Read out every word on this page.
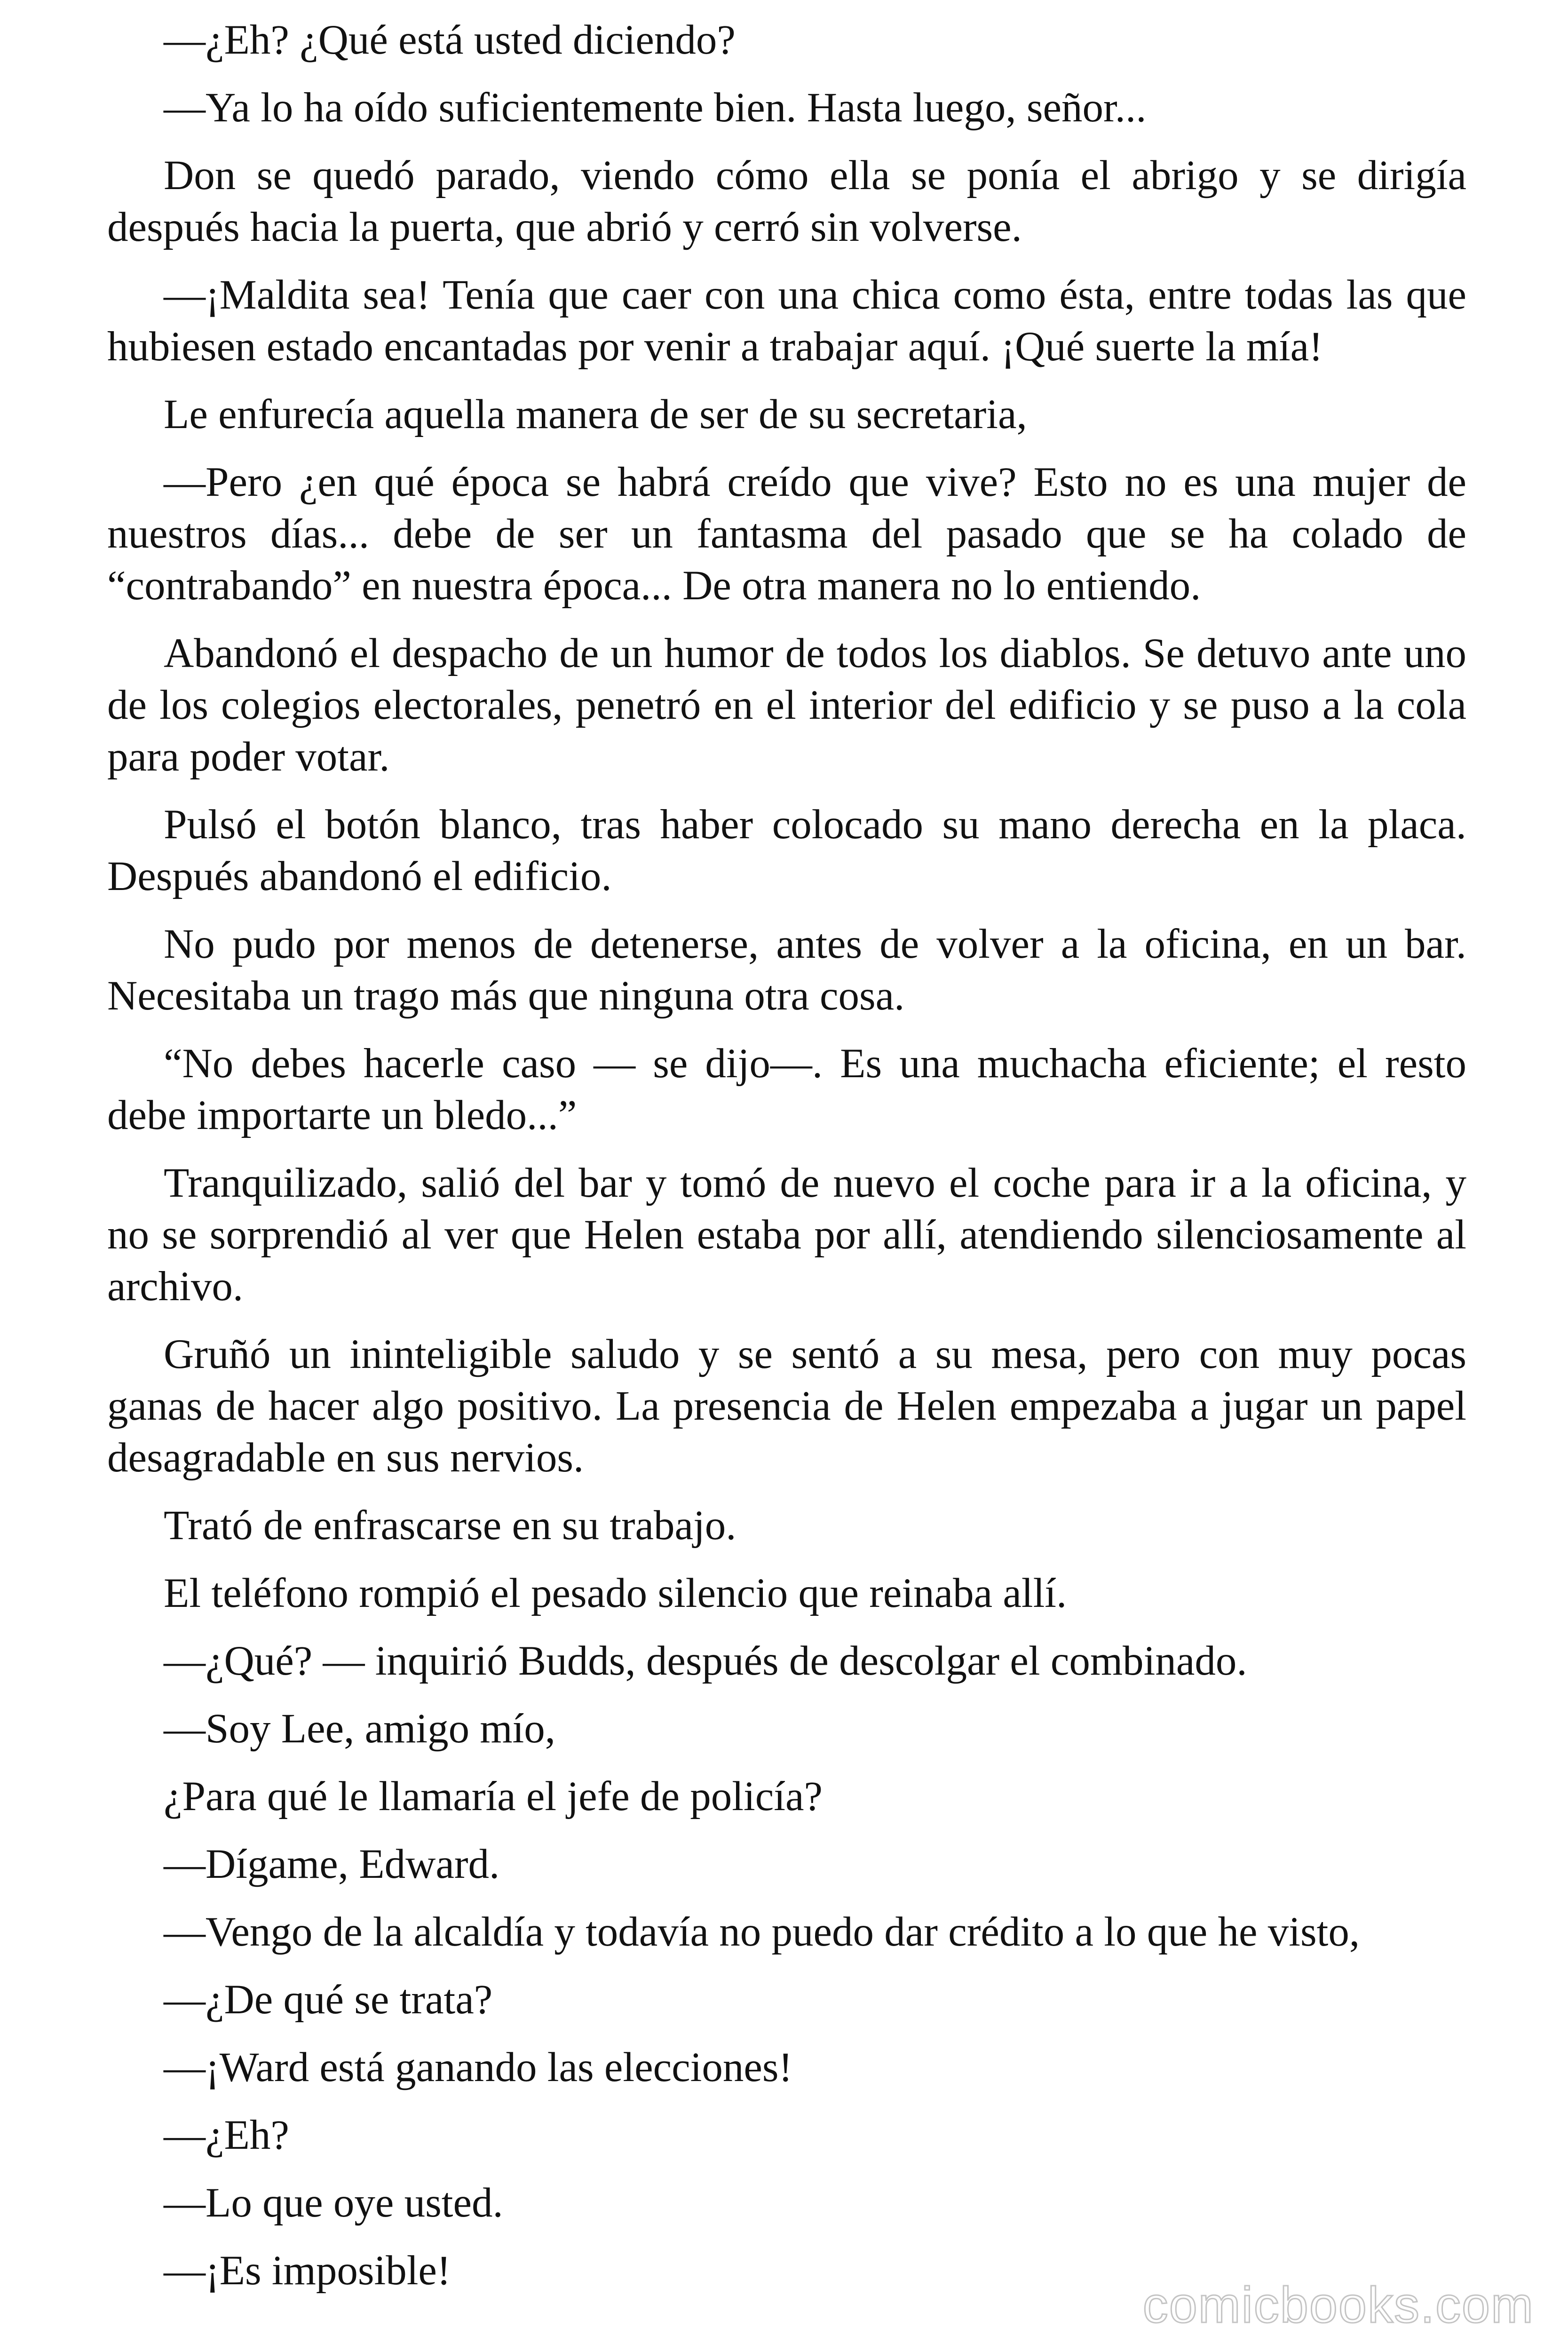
—¿Eh? ¿Qué está usted diciendo?

—Ya lo ha oído suficientemente bien. Hasta luego, señor...

Don se quedó parado, viendo cómo ella se ponía el abrigo y se dirigía después hacia la puerta, que abrió y cerró sin volverse.

—¡Maldita sea! Tenía que caer con una chica como ésta, entre todas las que hubiesen estado encantadas por venir a trabajar aquí. ¡Qué suerte la mía!

Le enfurecía aquella manera de ser de su secretaria,

—Pero ¿en qué época se habrá creído que vive? Esto no es una mujer de nuestros días... debe de ser un fantasma del pasado que se ha colado de “contrabando” en nuestra época... De otra manera no lo entiendo.

Abandonó el despacho de un humor de todos los diablos. Se detuvo ante uno de los colegios electorales, penetró en el interior del edificio y se puso a la cola para poder votar.

Pulsó el botón blanco, tras haber colocado su mano derecha en la placa. Después abandonó el edificio.

No pudo por menos de detenerse, antes de volver a la oficina, en un bar. Necesitaba un trago más que ninguna otra cosa.

“No debes hacerle caso — se dijo—. Es una muchacha eficiente; el resto debe importarte un bledo...”

Tranquilizado, salió del bar y tomó de nuevo el coche para ir a la oficina, y no se sorprendió al ver que Helen estaba por allí, atendiendo silenciosamente al archivo.

Gruñó un ininteligible saludo y se sentó a su mesa, pero con muy pocas ganas de hacer algo positivo. La presencia de Helen empezaba a jugar un papel desagradable en sus nervios.

Trató de enfrascarse en su trabajo.

El teléfono rompió el pesado silencio que reinaba allí.

—¿Qué? — inquirió Budds, después de descolgar el combinado.

—Soy Lee, amigo mío,

¿Para qué le llamaría el jefe de policía?

—Dígame, Edward.

—Vengo de la alcaldía y todavía no puedo dar crédito a lo que he visto,

—¿De qué se trata?

—¡Ward está ganando las elecciones!

—¿Eh?

—Lo que oye usted.

—¡Es imposible!

comicbooks.com
